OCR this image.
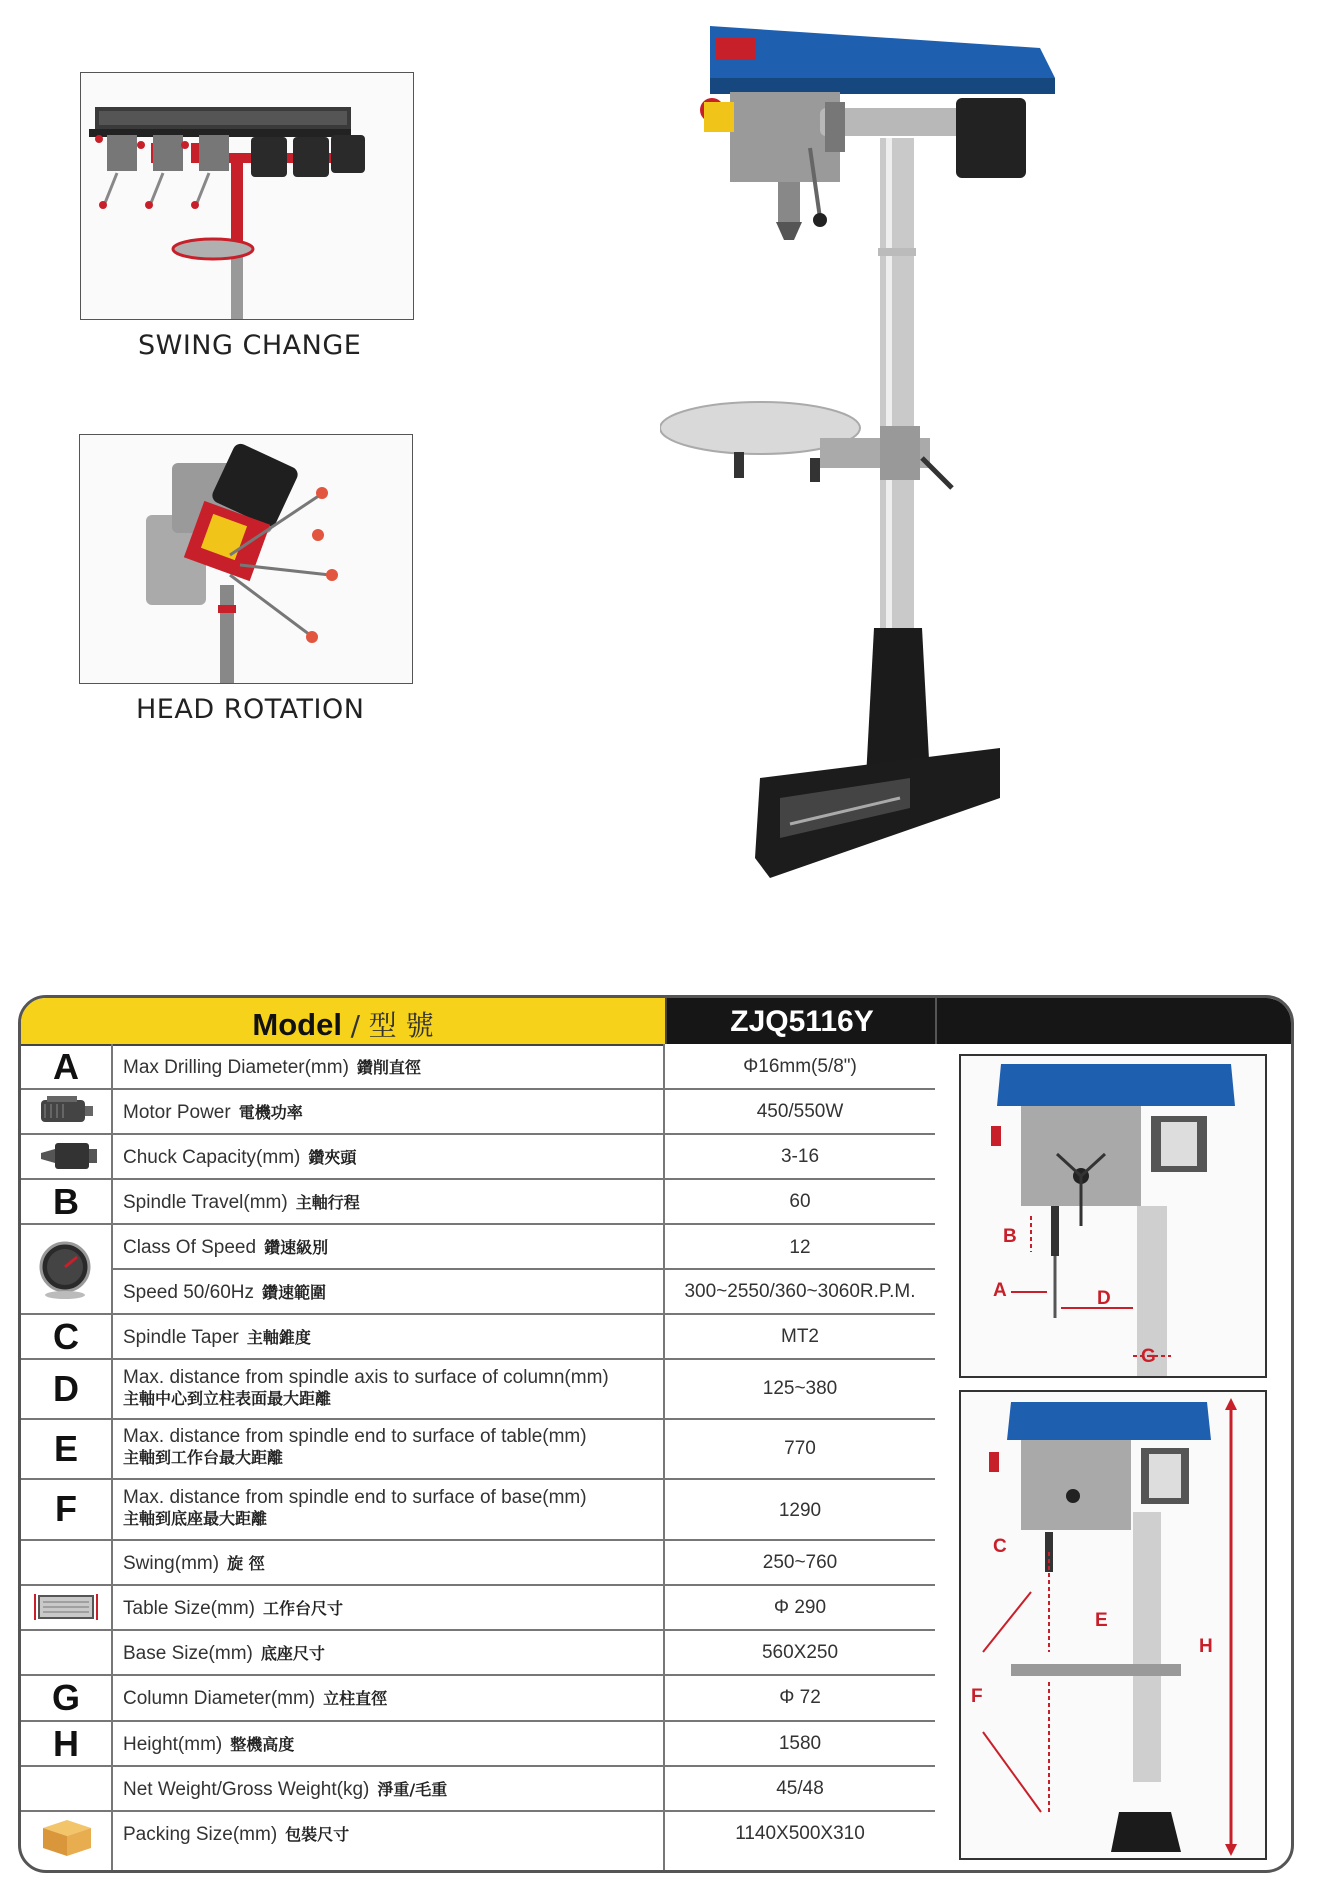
SWING CHANGE
HEAD ROTATION
Model / 型 號	ZJQ5116Y
A	Max Drilling Diameter(mm) 鑽削直徑	Φ16mm(5/8")
Motor Power 電機功率	450/550W
Chuck Capacity(mm) 鑽夾頭	3-16
B	Spindle Travel(mm) 主軸行程	60
Class Of Speed 鑽速級別	12
Speed 50/60Hz 鑽速範圍	300~2550/360~3060R.P.M.
C	Spindle Taper 主軸錐度	MT2
D	Max. distance from spindle axis to surface of column(mm)
主軸中心到立柱表面最大距離	125~380
E	Max. distance from spindle end to surface of table(mm)
主軸到工作台最大距離	770
F	Max. distance from spindle end to surface of base(mm)
主軸到底座最大距離	1290
Swing(mm) 旋 徑	250~760
Table Size(mm) 工作台尺寸	Φ 290
Base Size(mm) 底座尺寸	560X250
G	Column Diameter(mm) 立柱直徑	Φ 72
H	Height(mm) 整機高度	1580
Net Weight/Gross Weight(kg) 淨重/毛重	45/48
Packing Size(mm) 包裝尺寸	1140X500X310
B
A	D
G
C
E
H
F
